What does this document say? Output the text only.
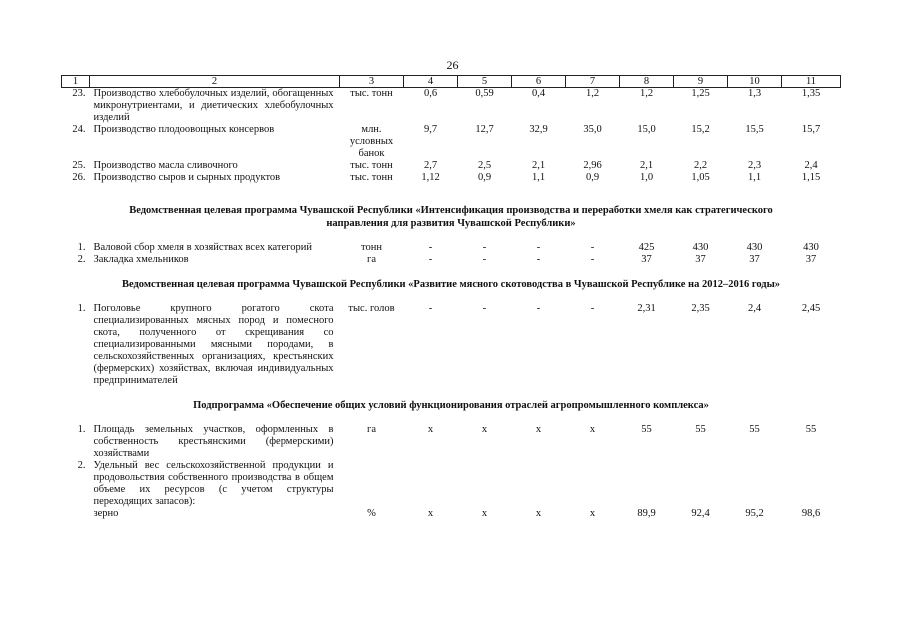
26
1	2	3	4	5	6	7	8	9	10	11
23.	Производство хлебобулочных изделий, обогащенных микронутриентами, и диетических хлебобулочных изделий	тыс. тонн	0,6	0,59	0,4	1,2	1,2	1,25	1,3	1,35
24.	Производство плодоовощных консервов	млн. условных банок	9,7	12,7	32,9	35,0	15,0	15,2	15,5	15,7
25.	Производство масла сливочного	тыс. тонн	2,7	2,5	2,1	2,96	2,1	2,2	2,3	2,4
26.	Производство сыров и сырных продуктов	тыс. тонн	1,12	0,9	1,1	0,9	1,0	1,05	1,1	1,15

Ведомственная целевая программа Чувашской Республики «Интенсификация производства и переработки хмеля как стратегического направления для развития Чувашской Республики»										

1.	Валовой сбор хмеля в хозяйствах всех категорий	тонн	-	-	-	-	425	430	430	430
2.	Закладка хмельников	га	-	-	-	-	37	37	37	37

Ведомственная целевая программа Чувашской Республики «Развитие мясного скотоводства в Чувашской Республике на 2012–2016 годы»										

1.	Поголовье крупного рогатого скота специализированных мясных пород и помесного скота, полученного от скрещивания со специализированными мясными породами, в сельскохозяйственных организациях, крестьянских (фермерских) хозяйствах, включая индивидуальных предпринимателей	тыс. голов	-	-	-	-	2,31	2,35	2,4	2,45

Подпрограмма «Обеспечение общих условий функционирования отраслей агропромышленного комплекса»										

1.	Площадь земельных участков, оформленных в собственность крестьянскими (фермерскими) хозяйствами	га	х	х	х	х	55	55	55	55
2.	Удельный вес сельскохозяйственной продукции и продовольствия собственного производства в общем объеме их ресурсов (с учетом структуры переходящих запасов):									
	зерно	%	х	х	х	х	89,9	92,4	95,2	98,6
